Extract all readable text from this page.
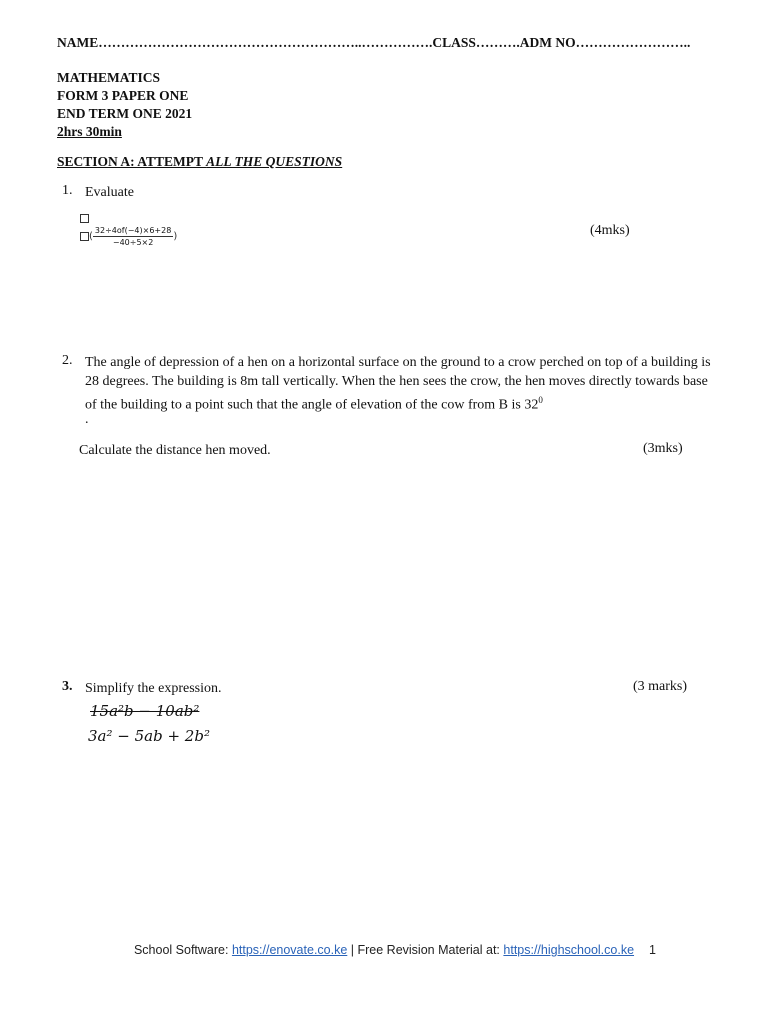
NAME…………………………………………………..…………….CLASS……….ADM NO……………………..
MATHEMATICS
FORM 3 PAPER ONE
END TERM ONE 2021
2hrs 30min
SECTION A: ATTEMPT ALL THE QUESTIONS
1. Evaluate
( $\frac{32\div 4of(-4)\times 6+28}{-40\div 5\times 2}$ )	(4mks)
2. The angle of depression of a hen on a horizontal surface on the ground to a crow perched on top of a building is 28 degrees. The building is 8m tall vertically. When the hen sees the crow, the hen moves directly towards base of the building to a point such that the angle of elevation of the cow from B is $32^0$
.
Calculate the distance hen moved.	(3mks)
3. Simplify the expression.	(3 marks)
15a²b − 10ab²
3a² − 5ab + 2b²
School Software: https://enovate.co.ke | Free Revision Material at: https://highschool.co.ke	1
